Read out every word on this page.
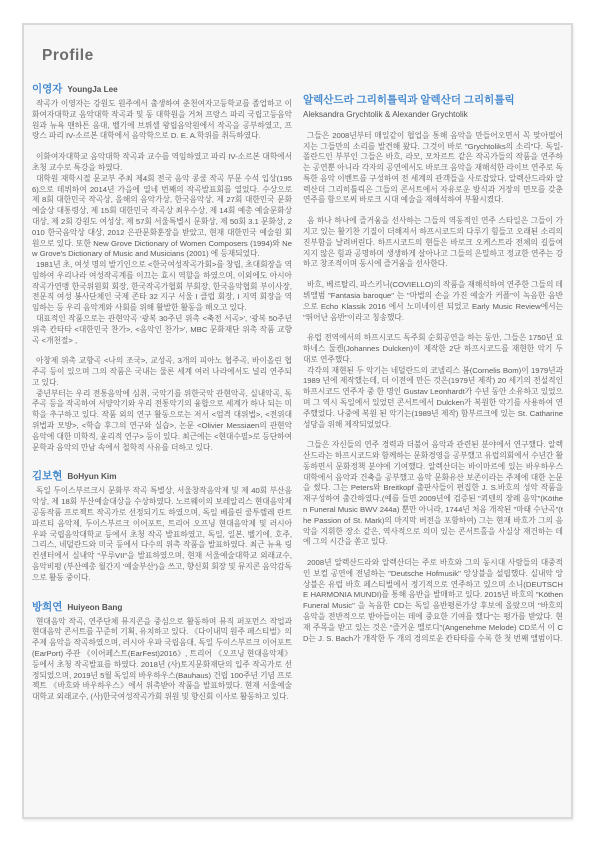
Profile
이영자 YoungJa Lee

작곡가 이영자는 강원도 원주에서 출생하여 춘천여자고등학교를 졸업하고 이화여자대학교 음악대학 작곡과 및 동 대학원을 거쳐 프랑스 파리 국립고등음악원과 뉴욕 맨하튼 음대, 벨기에 브뤼셀 왕립음악원에서 작곡을 공부하였고, 프랑스 파리 IV-소르본 대학에서 음악학으로 D. E. A.학위를 취득하였다.

이화여자대학교 음악대학 작곡과 교수를 역임하였고 파리 IV-소르본 대학에서 초청 교수로 특강을 하였다.

대학원 재학시절 문교부 주최 제4회 전국 음악 콩쿨 작곡 부문 수석 입상(1956)으로 데뷔하여 2014년 가을에 열네 번째의 작곡발표회를 열었다. 수상으로 제 8회 대한민국 작곡상, 올해의 음악가상, 한국음악상, 제 27회 대한민국 문화예술상 대통령상, 제 15회 대한민국 작곡상 최우수상, 제 14회 예총 예술문화상 대상, 제 2회 강원도 여성상, 제 57회 서울특별시 문화상, 제 50회 3.1 문화상, 2010 한국음악상 대상, 2012 은관문화훈장을 받았고, 현재 대한민국 예술원 회원으로 있다. 또한 New Grove Dictionary of Women Composers (1994)와 New Grove's Dictionary of Music and Musicians (2001) 에 등재되었다.

1981년 초, 여섯 명의 발기인으로 <한국여성작곡가회>를 창립, 초대회장을 역임하여 우리나라 여성작곡계를 이끄는 효시 역할을 하였으며, 이외에도 아시아 작곡가연맹 한국위원회 회장, 한국작곡가협회 부회장, 한국음악협회 부이사장, 전문직 여성 봉사단체인 국제 존타 32 지구 서울 I 클럽 회장, I 지역 회장을 역임하는 등 우리 음악계와 사회를 위해 활발한 활동을 해오고 있다.

대표적인 작품으로는 관현악곡 '광복 30주년 위촉 <축전 서곡>', '광복 50주년 위촉 칸타타 <대한민국 찬가>, <음악인 찬가>', MBC 문화재단 위촉 작품 교향곡 <개천절> ,

아창제 위촉 교향곡 <나의 조국>, 교성곡, 3개의 피아노 협주곡, 바이올린 협주곡 등이 있으며 그의 작품은 국내는 물론 세계 여러 나라에서도 널리 연주되고 있다.

중년부터는 우리 전통음악에 심취, 국악기를 위한국악 관현악곡, 실내악곡, 독주곡 등을 작곡하여 서양악기와 우리 전통악기의 융합으로 세계가 하나 되는 미학을 추구하고 있다. 작품 외의 연구 활동으로는 저서 <엄격 대위법>, <전위대위법과 모방>, <학습 후그의 연구와 실습>, 논문 <Olivier Messiaen의 관현악 음악에 대한 미학적, 윤리적 연구> 등이 있다. 최근에는 <현대수필>로 등단하여 문학과 음악의 만남 속에서 철학적 사유를 더하고 있다.

김보현 BoHyun Kim

독일 두이스부르크시 문화부 작곡 특별상, 서울창작음악제 및 제 40회 부산음악상, 제 18회 부산예술대상을 수상하였다. 노르웨이의 보레알리스 현대음악제 공동작품 프로젝트 작곡가로 선정되기도 하였으며, 독일 베를린 쿨투렐레 란트파르티 음악제, 두이스부르크 이어포트, 트리어 오프닝 현대음악제 및 러시아 우파 국립음악대학교 등에서 초청 작곡 발표하였고, 독일, 일본, 벨기에, 호주, 그리스, 네덜란드와 미국 등에서 다수의 위촉 작품을 발표하였다. 최근 뉴욕 링컨센터에서 실내악 "무루VII"을 발표하였으며, 현재 서울예술대학교 외래교수, 음악비평 (부산예총 월간지 '예술부산')을 쓰고, 향신회 회장 및 뮤지콘 음악감독으로 활동 중이다.

방희연 Huiyeon Bang

현대음악 작곡, 연주단체 뮤지콘을 중심으로 활동하며 뮤직 퍼포먼스 작업과 현대음악 콘서트를 꾸준히 기획, 유치하고 있다. 《다이내믹 원주 페스티벌》의 주제 음악을 작곡하였으며, 러시아 우파 국립음대, 독일 두이스부르크 이어포트(EarPort) 주관 《이어페스트(EarFest)2016》, 트리어 《오프닝 현대음악제》 등에서 초청 작곡발표를 하였다. 2018년 (사)토지문화재단의 입주 작곡가로 선정되었으며, 2019년 5월 독일의 바우하우스(Bauhaus) 건립 100주년 기념 프로젝트 《바흐와 바우하우스》에서 위촉받아 작품을 발표하였다. 현재 서울예술대학교 외래교수, (사)한국여성작곡가회 위원 및 향신회 이사로 활동하고 있다.

알렉산드라 그리히틀릭과 알렉산더 그리히틀릭
Aleksandra Grychtolik & Alexander Grychtolik

그들은 2008년부터 매일같이 협업을 통해 음악을 만들어오면서 꼭 맞아떨어지는 그들만의 소리를 발견해 왔다. 그것이 바로 "Grychtoliks의 소리"다. 독일-폴란드인 부부인 그들은 바흐, 라모, 모차르트 같은 작곡가들의 작품을 연주하는 공연뿐 아니라 각자의 공연에서도 바로크 음악을 재해석한 라이브 연주로 독특한 음악 이벤트를 구성하여 전 세계의 관객들을 사로잡았다. 알렉산드라와 알렉산더 그리히틀릭은 그들의 콘서트에서 자유로운 방식과 거장의 면모를 갖춘 연주를 함으로써 바로크 시대 예술을 재해석하여 부활시켰다.

음 하나 하나에 즐거움을 선사하는 그들의 역동적인 연주 스타일은 그들이 가지고 있는 활기찬 기질이 더해져서 하프시코드의 다루기 힘들고 오래된 소리의 진부함을 날려버린다. 하프시코드의 현들은 바로크 오케스트라 전체의 길들여지지 않은 힘과 공명하며 생생하게 살아나고 그들의 은밀하고 정교한 연주는 강하고 창조적이며 동시에 즐거움을 선사한다.

바흐, 베르탈리, 파스키니(COVIELLO)의 작품을 재해석하여 연주한 그들의 데뷔앨범 "Fantasia baroque" 는 "마법의 손을 가진 예술가 커플"이 녹음한 음반으로 Echo Klassik 2016 에서 노미네이션 되었고 Early Music Review에서는 "뛰어난 음반"이라고 칭송했다.

유럽 전역에서의 하프시코드 독주회 순회공연을 하는 동안, 그들은 1750년 요하네스 둘켄(Johannes Dulcken)이 제작한 2단 하프시코드를 재현한 악기 두 대로 연주했다.

각각의 재현된 두 악기는 네덜란드의 코넬리스 봄(Cornelis Bom)이 1979년과 1989 년에 제작했는데, 더 이전에 만든 것은(1979년 제작) 20 세기의 전설적인 하프시코드 연주자 중 한 명인 Gustav Leonhardt가 수년 동안 소유하고 있었으며 그 역시 독일에서 있었던 콘서트에서 Dulcken가 복원한 악기를 사용하여 연주했었다. 나중에 복원 된 악기는(1989년 제작) 함부르크에 있는 St. Catharine 성당을 위해 제작되었었다.

그들은 자신들의 연주 경력과 더불어 음악과 관련된 분야에서 연구했다. 알렉산드라는 하프시코드와 함께하는 문화경영을 공부했고 유럽의회에서 수년간 활동하면서 문화정책 분야에 기여했다. 알렉산더는 바이마르에 있는 바우하우스 대학에서 음악과 건축을 공부했고 음악 문화유산 보존이라는 주제에 대한 논문을 썼다. 그는 Peters와 Breitkopf 출판사들이 편집한 J. S.바흐의 성악 작품을 재구성하여 출간하였다.(예를 들면 2009년에 검증된 "쾨텐의 장례 음악"(Köthen Funeral Music BWV 244a) 뿐만 아니라, 1744년 처음 개작된 "마태 수난곡"(the Passion of St. Mark)의 마지막 버전을 포함하여) 그는 현재 바흐가 그의 음악을 지휘한 장소 같은, 역사적으로 의미 있는 콘서트홀을 사실상 재건하는 데에 그의 시간을 쏟고 있다.

2008년 알렉산드라와 알렉산더는 주로 바흐와 그의 동시대 사람들의 대중적인 보컬 공연에 전념하는 "Deutsche Hofmusik" 앙상블을 설립했다. 실내악 앙상블은 유럽 바흐 페스티벌에서 정기적으로 연주하고 있으며 소니(DEUTSCHE HARMONIA MUNDI)를 통해 음반을 발매하고 있다. 2015년 바흐의 "Köthen Funeral Music" 을 녹음한 CD는 독일 음반평론가상 후보에 올랐으며 "바흐의 음악을 전반적으로 받아들이는 데에 중요한 기여를 했다"는 평가를 받았다. 현재 주목을 받고 있는 것은 "즐거운 멜로디"(Angenehme Melode) CD로서 이 CD는 J. S. Bach가 개작한 두 개의 경의로운 칸타타를 수록 한 첫 번째 앨범이다.
